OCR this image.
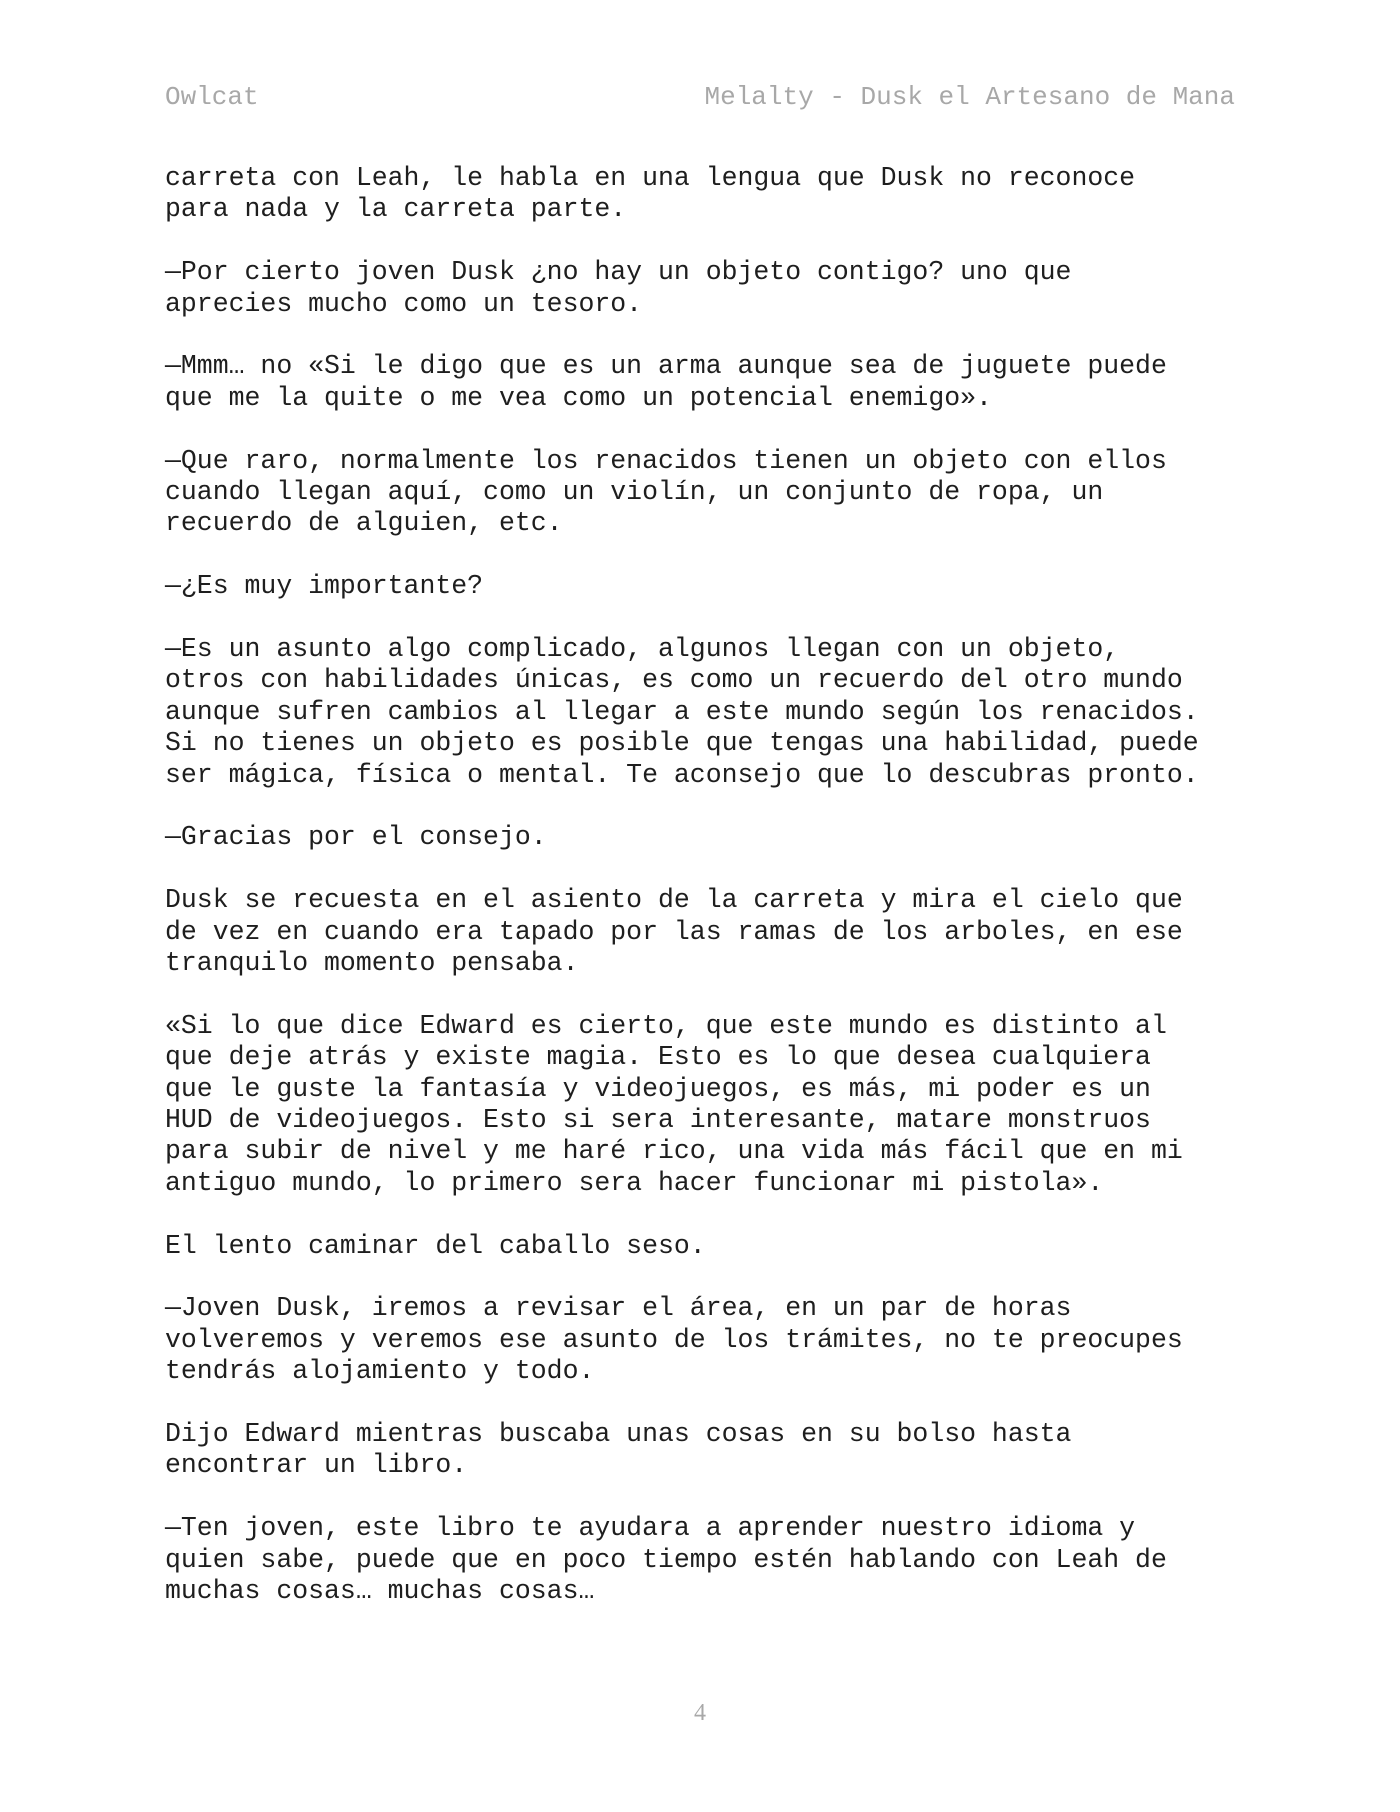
Owlcat	Melalty - Dusk el Artesano de Mana

carreta con Leah, le habla en una lengua que Dusk no reconoce
para nada y la carreta parte.

—Por cierto joven Dusk ¿no hay un objeto contigo? uno que
aprecies mucho como un tesoro.

—Mmm… no «Si le digo que es un arma aunque sea de juguete puede
que me la quite o me vea como un potencial enemigo».

—Que raro, normalmente los renacidos tienen un objeto con ellos
cuando llegan aquí, como un violín, un conjunto de ropa, un
recuerdo de alguien, etc.

—¿Es muy importante?

—Es un asunto algo complicado, algunos llegan con un objeto,
otros con habilidades únicas, es como un recuerdo del otro mundo
aunque sufren cambios al llegar a este mundo según los renacidos.
Si no tienes un objeto es posible que tengas una habilidad, puede
ser mágica, física o mental. Te aconsejo que lo descubras pronto.

—Gracias por el consejo.

Dusk se recuesta en el asiento de la carreta y mira el cielo que
de vez en cuando era tapado por las ramas de los arboles, en ese
tranquilo momento pensaba.

«Si lo que dice Edward es cierto, que este mundo es distinto al
que deje atrás y existe magia. Esto es lo que desea cualquiera
que le guste la fantasía y videojuegos, es más, mi poder es un
HUD de videojuegos. Esto si sera interesante, matare monstruos
para subir de nivel y me haré rico, una vida más fácil que en mi
antiguo mundo, lo primero sera hacer funcionar mi pistola».

El lento caminar del caballo seso.

—Joven Dusk, iremos a revisar el área, en un par de horas
volveremos y veremos ese asunto de los trámites, no te preocupes
tendrás alojamiento y todo.

Dijo Edward mientras buscaba unas cosas en su bolso hasta
encontrar un libro.

—Ten joven, este libro te ayudara a aprender nuestro idioma y
quien sabe, puede que en poco tiempo estén hablando con Leah de
muchas cosas… muchas cosas…

4
